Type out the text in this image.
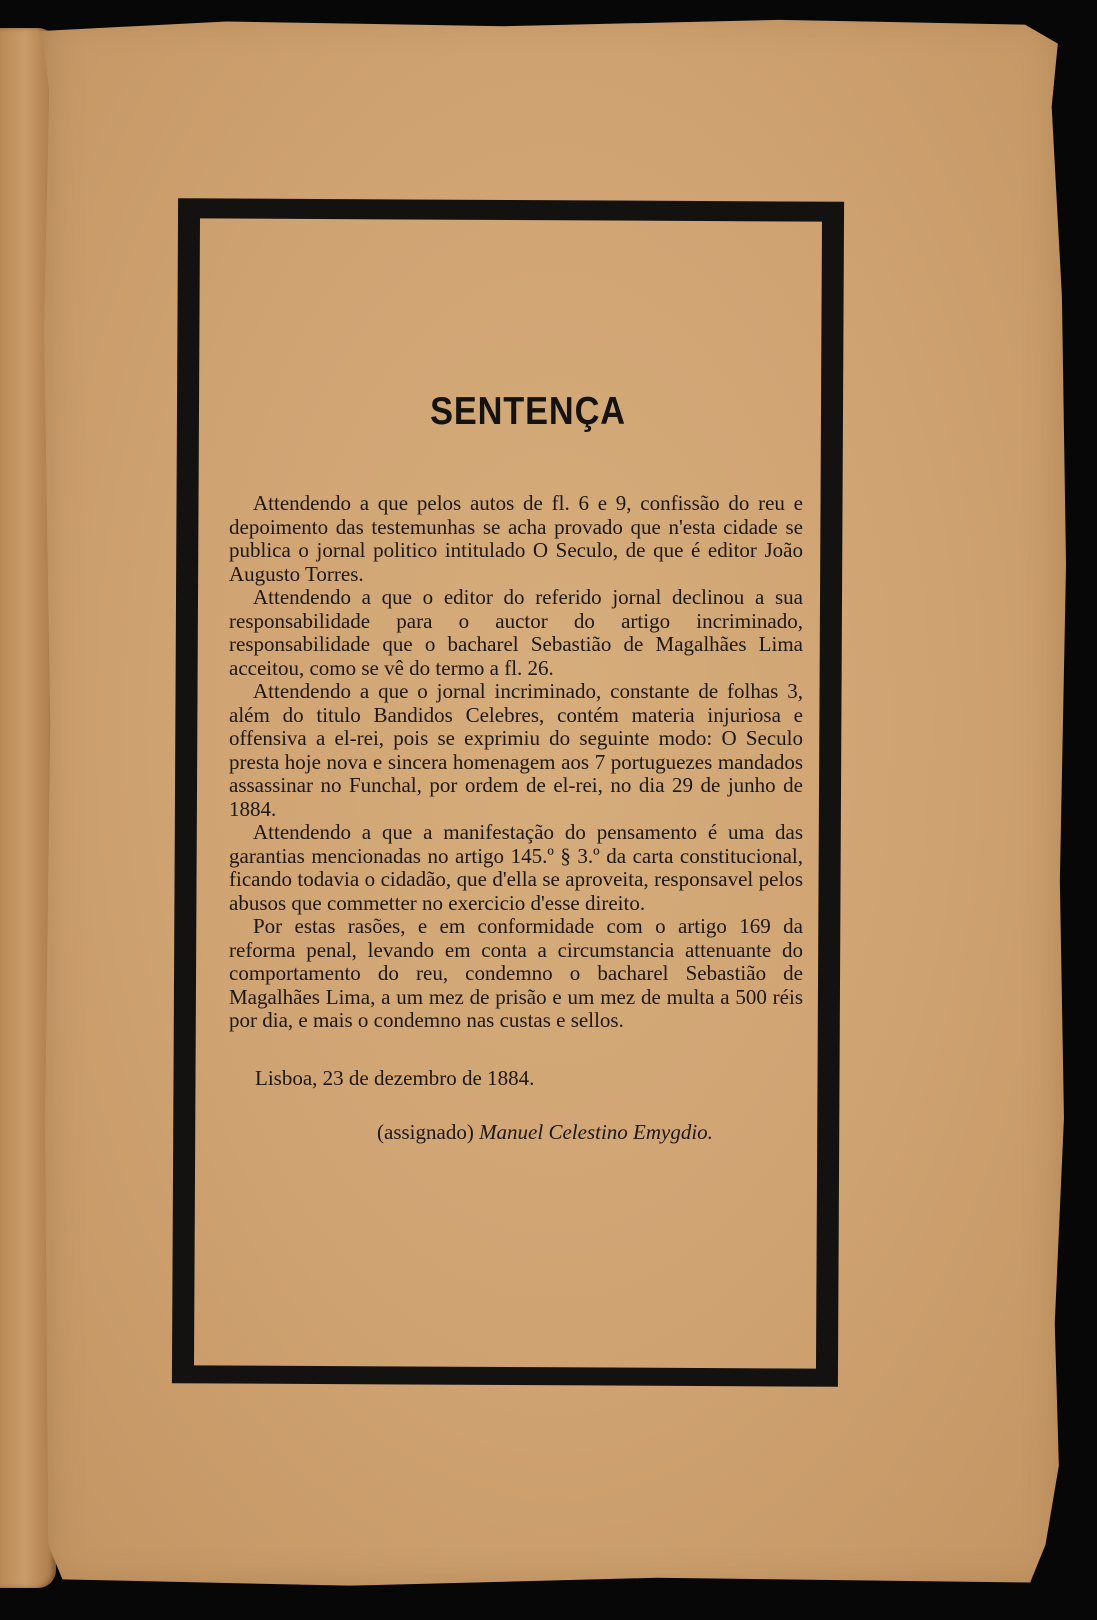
SENTENÇA

Attendendo a que pelos autos de fl. 6 e 9, confissão do reu e depoimento das testemunhas se acha provado que n'esta cidade se publica o jornal politico intitulado O Seculo, de que é editor João Augusto Torres.

Attendendo a que o editor do referido jornal declinou a sua responsabilidade para o auctor do artigo incriminado, responsabilidade que o bacharel Sebastião de Magalhães Lima acceitou, como se vê do termo a fl. 26.

Attendendo a que o jornal incriminado, constante de folhas 3, além do titulo Bandidos Celebres, contém materia injuriosa e offensiva a el-rei, pois se exprimiu do seguinte modo: O Seculo presta hoje nova e sincera homenagem aos 7 portuguezes mandados assassinar no Funchal, por ordem de el-rei, no dia 29 de junho de 1884.

Attendendo a que a manifestação do pensamento é uma das garantias mencionadas no artigo 145.º § 3.º da carta constitucional, ficando todavia o cidadão, que d'ella se aproveita, responsavel pelos abusos que commetter no exercicio d'esse direito.

Por estas rasões, e em conformidade com o artigo 169 da reforma penal, levando em conta a circumstancia attenuante do comportamento do reu, condemno o bacharel Sebastião de Magalhães Lima, a um mez de prisão e um mez de multa a 500 réis por dia, e mais o condemno nas custas e sellos.

Lisboa, 23 de dezembro de 1884.
(assignado) Manuel Celestino Emygdio.
